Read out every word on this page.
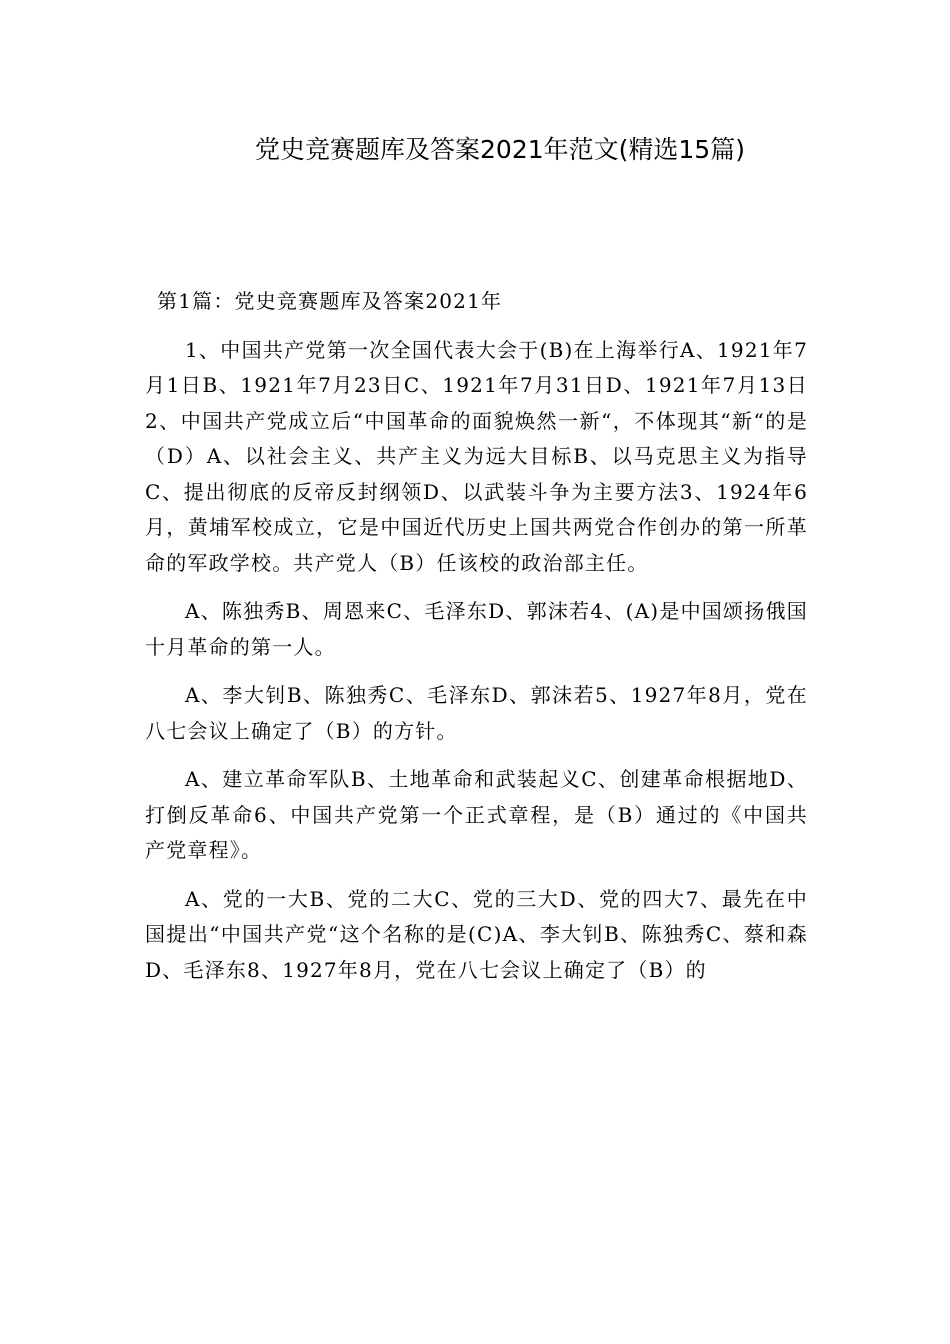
党史竞赛题库及答案2021年范文(精选15篇)

第1篇：党史竞赛题库及答案2021年

1、中国共产党第一次全国代表大会于(B)在上海举行A、1921年7月1日B、1921年7月23日C、1921年7月31日D、1921年7月13日2、中国共产党成立后“中国革命的面貌焕然一新“，不体现其“新“的是（D）A、以社会主义、共产主义为远大目标B、以马克思主义为指导C、提出彻底的反帝反封纲领D、以武装斗争为主要方法3、1924年6月，黄埔军校成立，它是中国近代历史上国共两党合作创办的第一所革命的军政学校。共产党人（B）任该校的政治部主任。

A、陈独秀B、周恩来C、毛泽东D、郭沫若4、(A)是中国颂扬俄国十月革命的第一人。

A、李大钊B、陈独秀C、毛泽东D、郭沫若5、1927年8月，党在八七会议上确定了（B）的方针。

A、建立革命军队B、土地革命和武装起义C、创建革命根据地D、打倒反革命6、中国共产党第一个正式章程，是（B）通过的《中国共产党章程》。

A、党的一大B、党的二大C、党的三大D、党的四大7、最先在中国提出“中国共产党“这个名称的是(C)A、李大钊B、陈独秀C、蔡和森D、毛泽东8、1927年8月，党在八七会议上确定了（B）的
